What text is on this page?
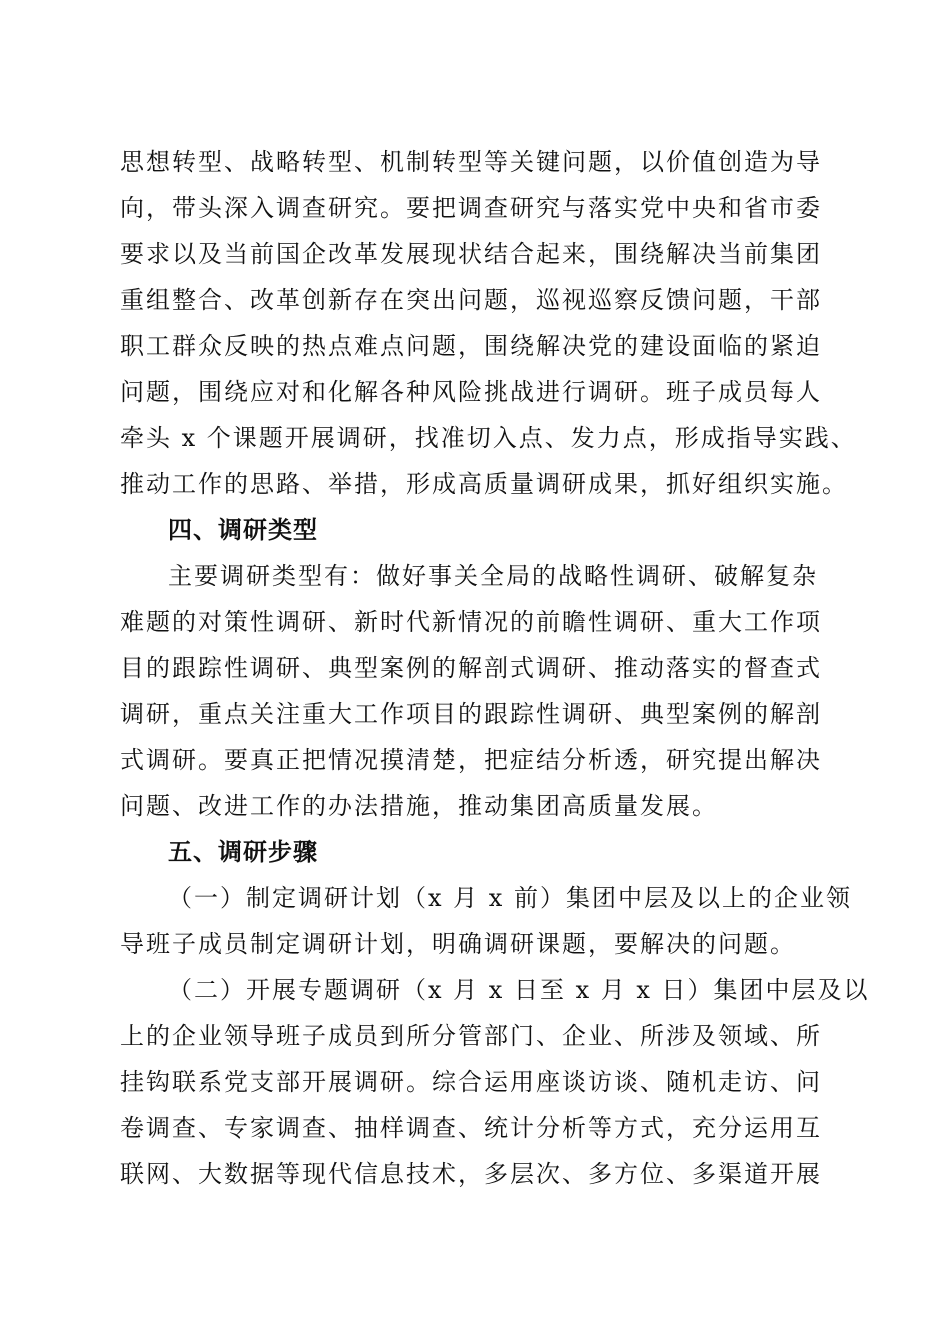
思想转型、战略转型、机制转型等关键问题，以价值创造为导
向，带头深入调查研究。要把调查研究与落实党中央和省市委
要求以及当前国企改革发展现状结合起来，围绕解决当前集团
重组整合、改革创新存在突出问题，巡视巡察反馈问题，干部
职工群众反映的热点难点问题，围绕解决党的建设面临的紧迫
问题，围绕应对和化解各种风险挑战进行调研。班子成员每人
牵头 x 个课题开展调研，找准切入点、发力点，形成指导实践、
推动工作的思路、举措，形成高质量调研成果，抓好组织实施。
四、调研类型
主要调研类型有：做好事关全局的战略性调研、破解复杂
难题的对策性调研、新时代新情况的前瞻性调研、重大工作项
目的跟踪性调研、典型案例的解剖式调研、推动落实的督查式
调研，重点关注重大工作项目的跟踪性调研、典型案例的解剖
式调研。要真正把情况摸清楚，把症结分析透，研究提出解决
问题、改进工作的办法措施，推动集团高质量发展。
五、调研步骤
（一）制定调研计划（x 月 x 前）集团中层及以上的企业领
导班子成员制定调研计划，明确调研课题，要解决的问题。
（二）开展专题调研（x 月 x 日至 x 月 x 日）集团中层及以
上的企业领导班子成员到所分管部门、企业、所涉及领域、所
挂钩联系党支部开展调研。综合运用座谈访谈、随机走访、问
卷调查、专家调查、抽样调查、统计分析等方式，充分运用互
联网、大数据等现代信息技术，多层次、多方位、多渠道开展
